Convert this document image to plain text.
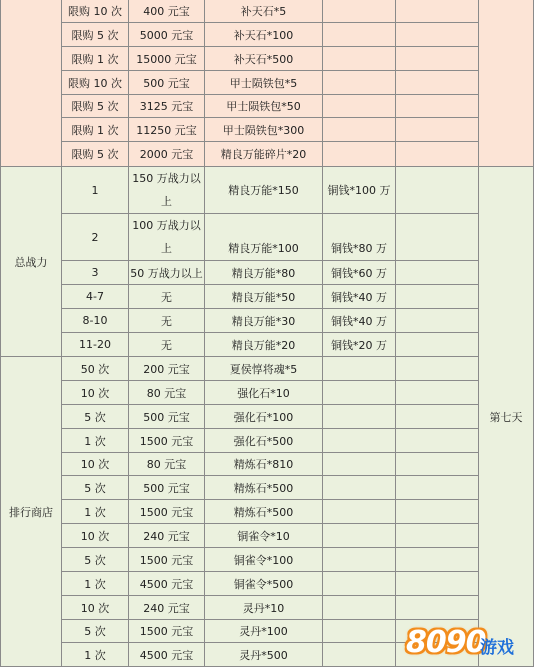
	限购 10 次	400 元宝	补天石*5			
	限购 5 次	5000 元宝	补天石*100			
	限购 1 次	15000 元宝	补天石*500			
	限购 10 次	500 元宝	甲士陨铁包*5			
	限购 5 次	3125 元宝	甲士陨铁包*50			
	限购 1 次	11250 元宝	甲士陨铁包*300			
	限购 5 次	2000 元宝	精良万能碎片*20			
总战力	1	150 万战力以上	精良万能*150	铜钱*100 万		第七天
	2	100 万战力以上	精良万能*100	铜钱*80 万		
	3	50 万战力以上	精良万能*80	铜钱*60 万		
	4-7	无	精良万能*50	铜钱*40 万		
	8-10	无	精良万能*30	铜钱*40 万		
	11-20	无	精良万能*20	铜钱*20 万		
排行商店	50 次	200 元宝	夏侯惇将魂*5			
	10 次	80 元宝	强化石*10			
	5 次	500 元宝	强化石*100			
	1 次	1500 元宝	强化石*500			
	10 次	80 元宝	精炼石*810			
	5 次	500 元宝	精炼石*500			
	1 次	1500 元宝	精炼石*500			
	10 次	240 元宝	铜雀令*10			
	5 次	1500 元宝	铜雀令*100			
	1 次	4500 元宝	铜雀令*500			
	10 次	240 元宝	灵丹*10			
	5 次	1500 元宝	灵丹*100			
	1 次	4500 元宝	灵丹*500				8090
游戏
